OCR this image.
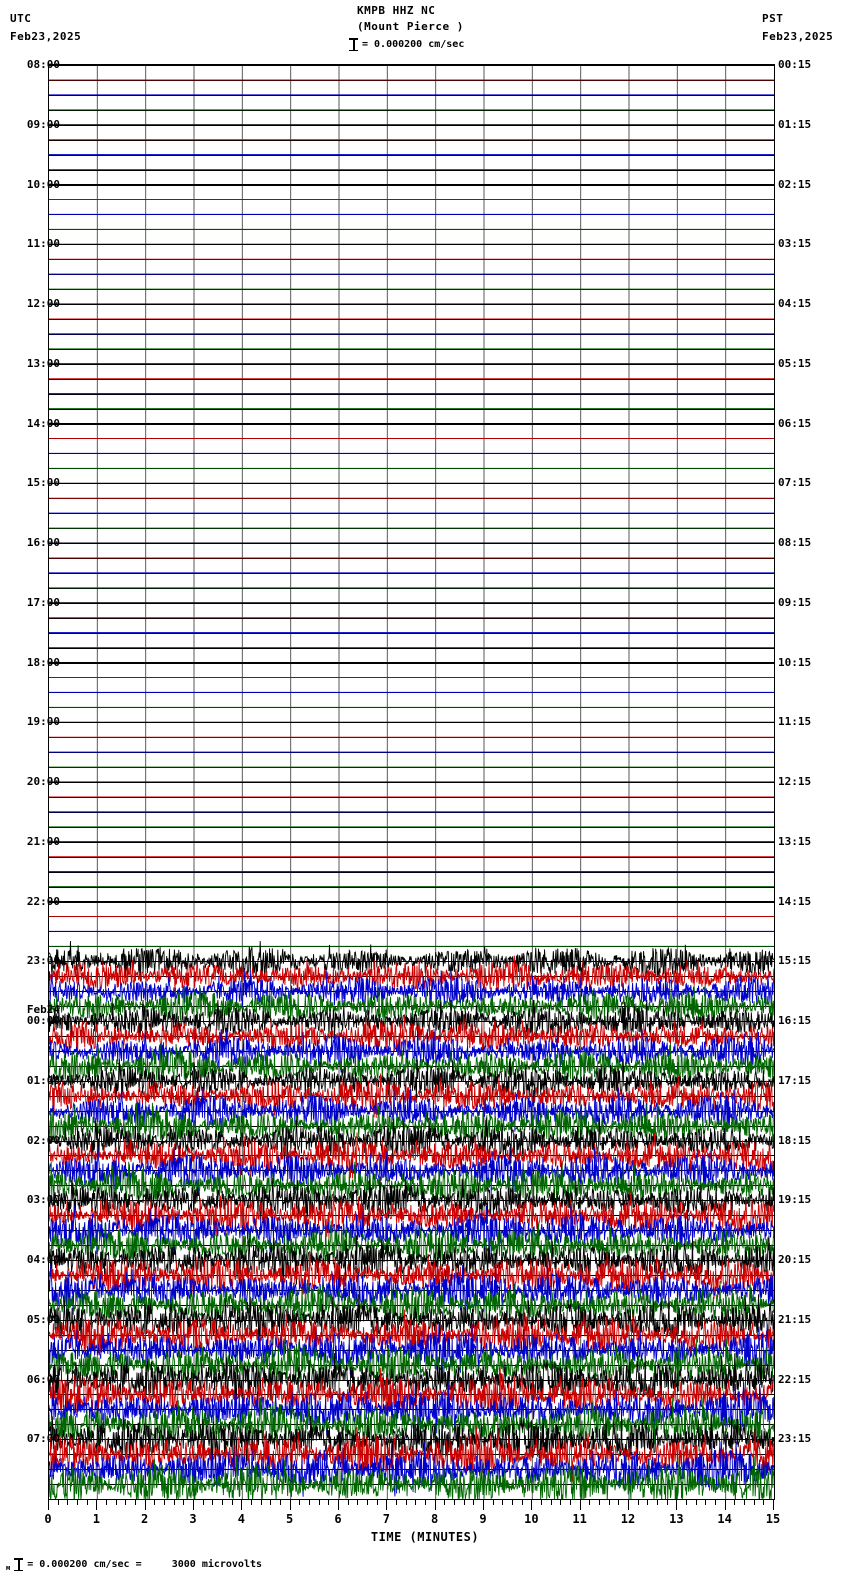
UTC
Feb23,2025
PST
Feb23,2025
KMPB HHZ NC
(Mount Pierce )
= 0.000200 cm/sec
TIME (MINUTES)
м = 0.000200 cm/sec =     3000 microvolts
08:00
09:00
10:00
11:00
12:00
13:00
14:00
15:00
16:00
17:00
18:00
19:00
20:00
21:00
22:00
23:00
Feb24
00:00
01:00
02:00
03:00
04:00
05:00
06:00
07:00
00:15
01:15
02:15
03:15
04:15
05:15
06:15
07:15
08:15
09:15
10:15
11:15
12:15
13:15
14:15
15:15
16:15
17:15
18:15
19:15
20:15
21:15
22:15
23:15
0	1	2	3	4	5	6	7	8	9	10	11	12	13	14	15
